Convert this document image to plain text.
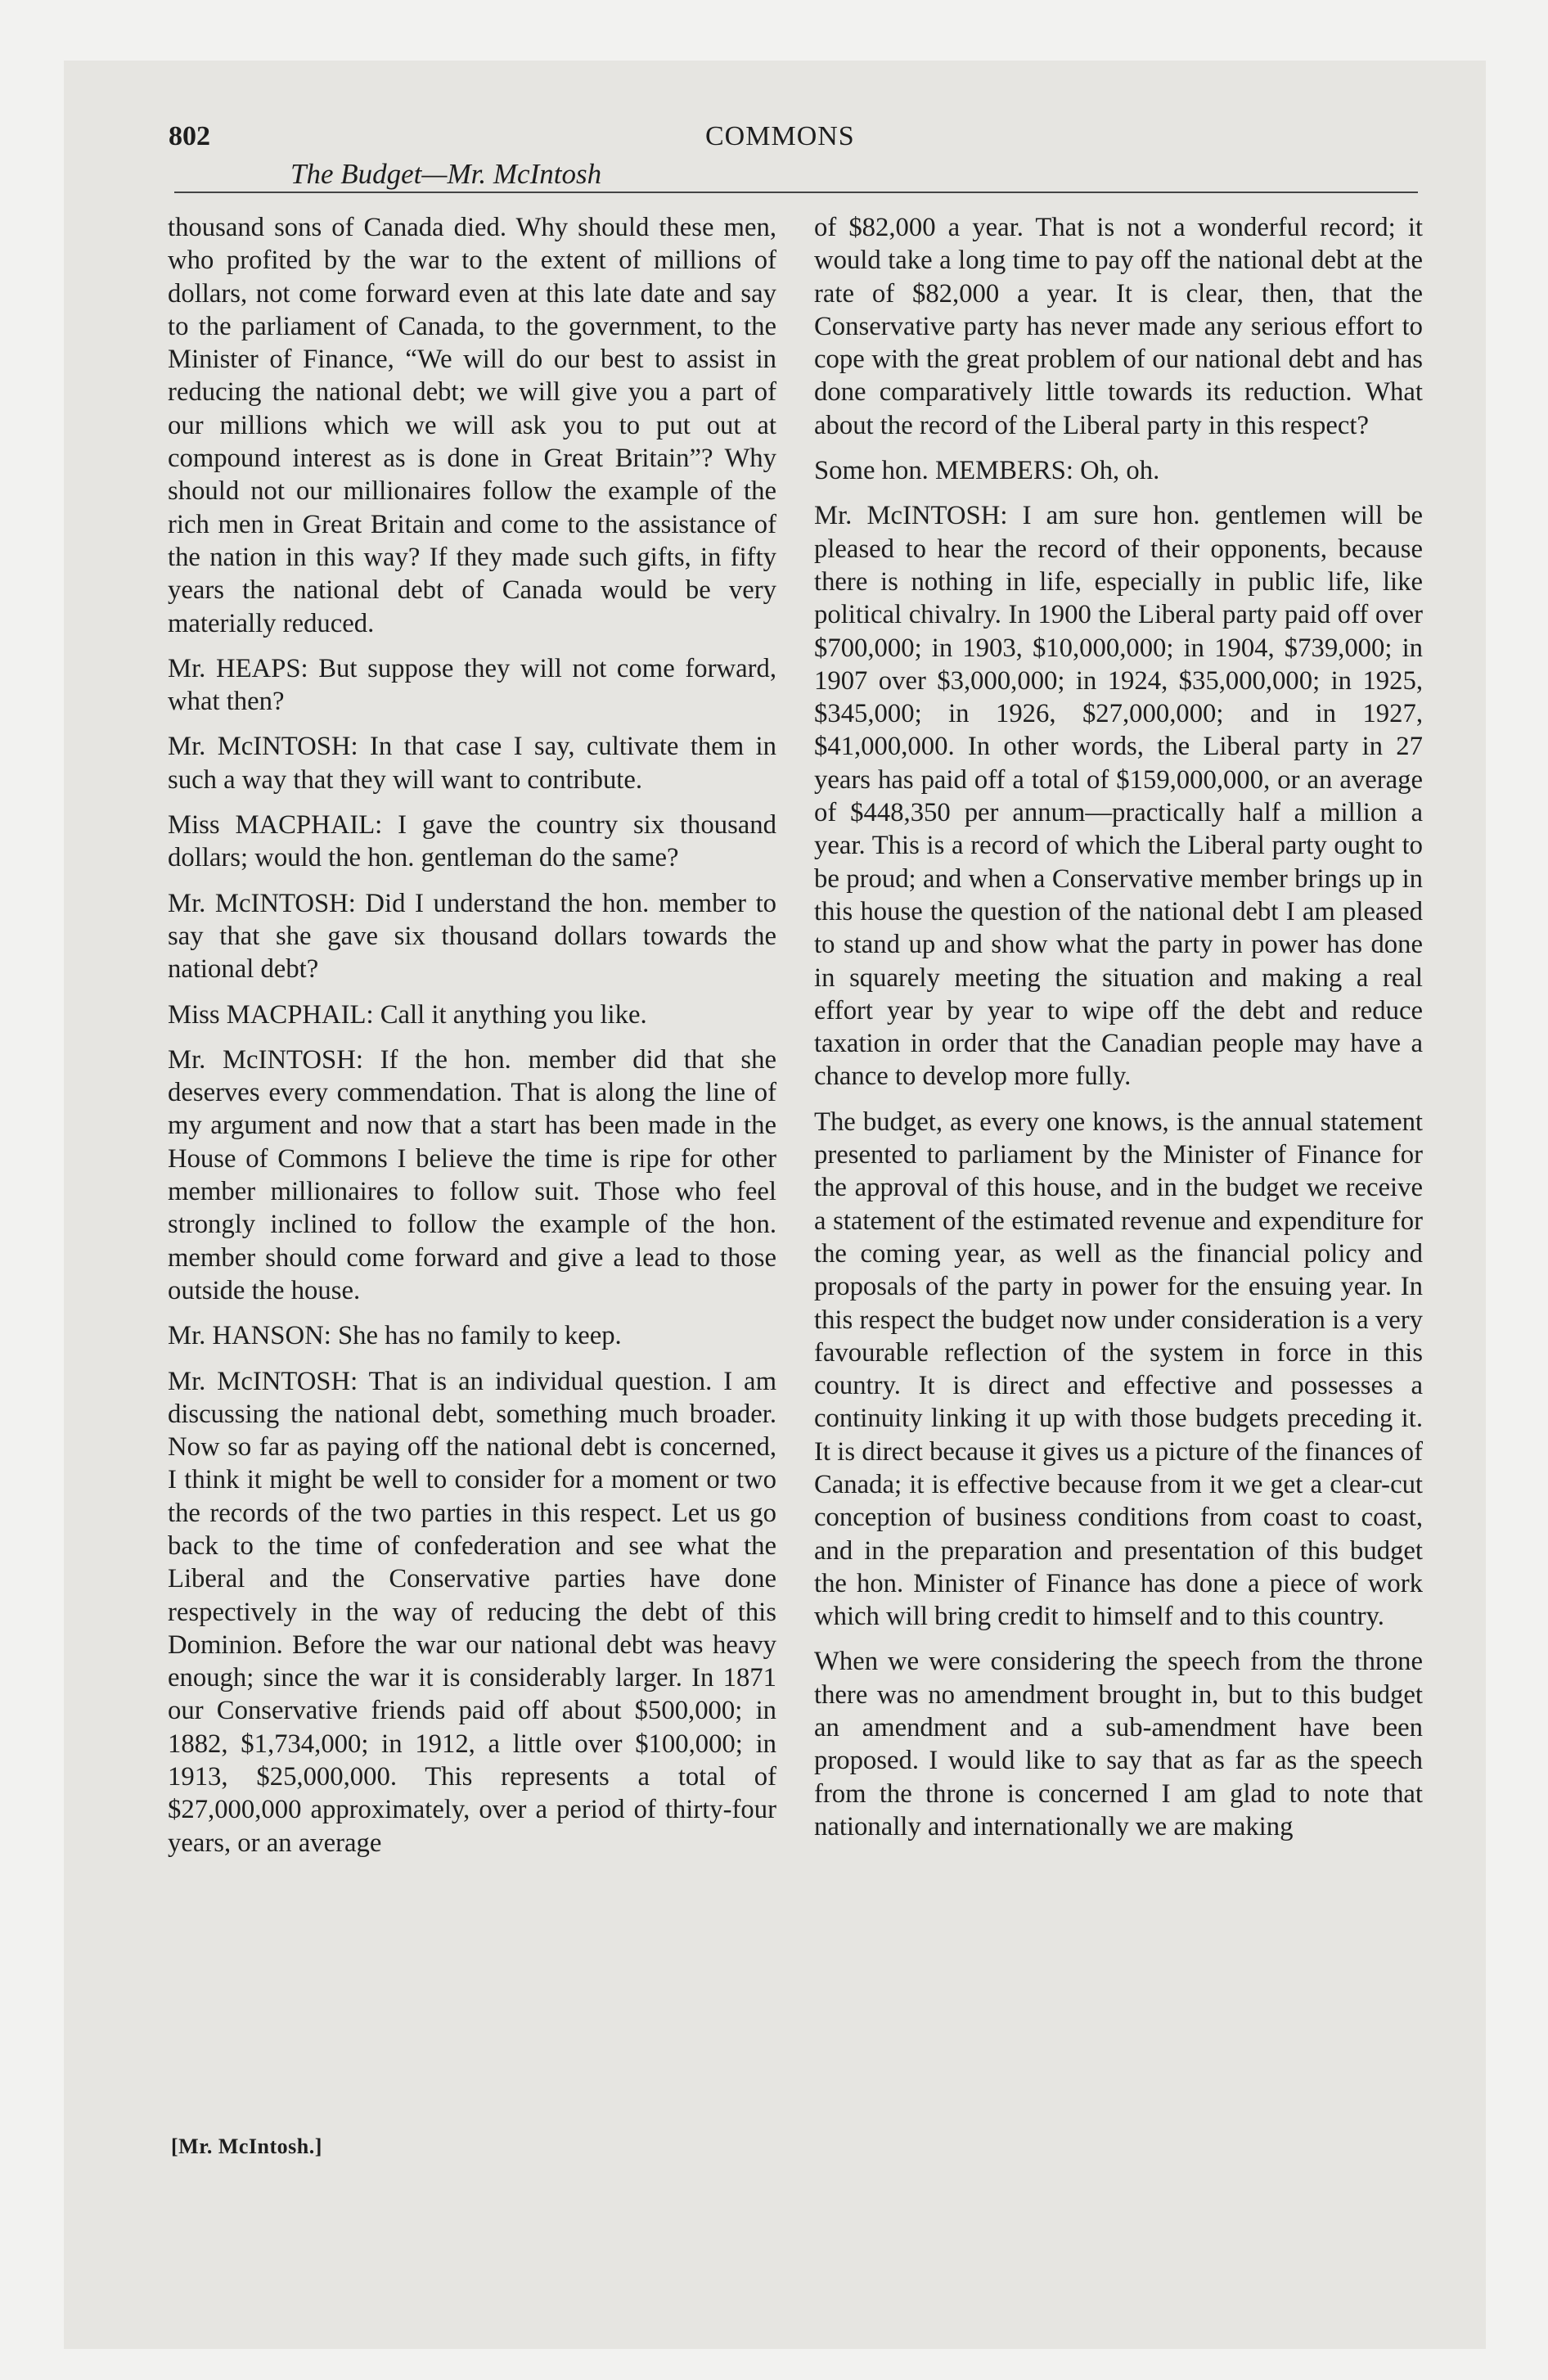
802
The Budget—Mr. McIntosh
COMMONS

thousand sons of Canada died. Why should these men, who profited by the war to the extent of millions of dollars, not come forward even at this late date and say to the parliament of Canada, to the government, to the Minister of Finance, “We will do our best to assist in reducing the national debt; we will give you a part of our millions which we will ask you to put out at compound interest as is done in Great Britain”? Why should not our millionaires follow the example of the rich men in Great Britain and come to the assistance of the nation in this way? If they made such gifts, in fifty years the national debt of Canada would be very materially reduced.

Mr. HEAPS: But suppose they will not come forward, what then?

Mr. McINTOSH: In that case I say, cultivate them in such a way that they will want to contribute.

Miss MACPHAIL: I gave the country six thousand dollars; would the hon. gentleman do the same?

Mr. McINTOSH: Did I understand the hon. member to say that she gave six thousand dollars towards the national debt?

Miss MACPHAIL: Call it anything you like.

Mr. McINTOSH: If the hon. member did that she deserves every commendation. That is along the line of my argument and now that a start has been made in the House of Commons I believe the time is ripe for other member millionaires to follow suit. Those who feel strongly inclined to follow the example of the hon. member should come forward and give a lead to those outside the house.

Mr. HANSON: She has no family to keep.

Mr. McINTOSH: That is an individual question. I am discussing the national debt, something much broader. Now so far as paying off the national debt is concerned, I think it might be well to consider for a moment or two the records of the two parties in this respect. Let us go back to the time of confederation and see what the Liberal and the Conservative parties have done respectively in the way of reducing the debt of this Dominion. Before the war our national debt was heavy enough; since the war it is considerably larger. In 1871 our Conservative friends paid off about $500,000; in 1882, $1,734,000; in 1912, a little over $100,000; in 1913, $25,000,000. This represents a total of $27,000,000 approximately, over a period of thirty-four years, or an average

of $82,000 a year. That is not a wonderful record; it would take a long time to pay off the national debt at the rate of $82,000 a year. It is clear, then, that the Conservative party has never made any serious effort to cope with the great problem of our national debt and has done comparatively little towards its reduction. What about the record of the Liberal party in this respect?

Some hon. MEMBERS: Oh, oh.

Mr. McINTOSH: I am sure hon. gentlemen will be pleased to hear the record of their opponents, because there is nothing in life, especially in public life, like political chivalry. In 1900 the Liberal party paid off over $700,000; in 1903, $10,000,000; in 1904, $739,000; in 1907 over $3,000,000; in 1924, $35,000,000; in 1925, $345,000; in 1926, $27,000,000; and in 1927, $41,000,000. In other words, the Liberal party in 27 years has paid off a total of $159,000,000, or an average of $448,350 per annum—practically half a million a year. This is a record of which the Liberal party ought to be proud; and when a Conservative member brings up in this house the question of the national debt I am pleased to stand up and show what the party in power has done in squarely meeting the situation and making a real effort year by year to wipe off the debt and reduce taxation in order that the Canadian people may have a chance to develop more fully.

The budget, as every one knows, is the annual statement presented to parliament by the Minister of Finance for the approval of this house, and in the budget we receive a statement of the estimated revenue and expenditure for the coming year, as well as the financial policy and proposals of the party in power for the ensuing year. In this respect the budget now under consideration is a very favourable reflection of the system in force in this country. It is direct and effective and possesses a continuity linking it up with those budgets preceding it. It is direct because it gives us a picture of the finances of Canada; it is effective because from it we get a clear-cut conception of business conditions from coast to coast, and in the preparation and presentation of this budget the hon. Minister of Finance has done a piece of work which will bring credit to himself and to this country.

When we were considering the speech from the throne there was no amendment brought in, but to this budget an amendment and a sub-amendment have been proposed. I would like to say that as far as the speech from the throne is concerned I am glad to note that nationally and internationally we are making

[Mr. McIntosh.]
